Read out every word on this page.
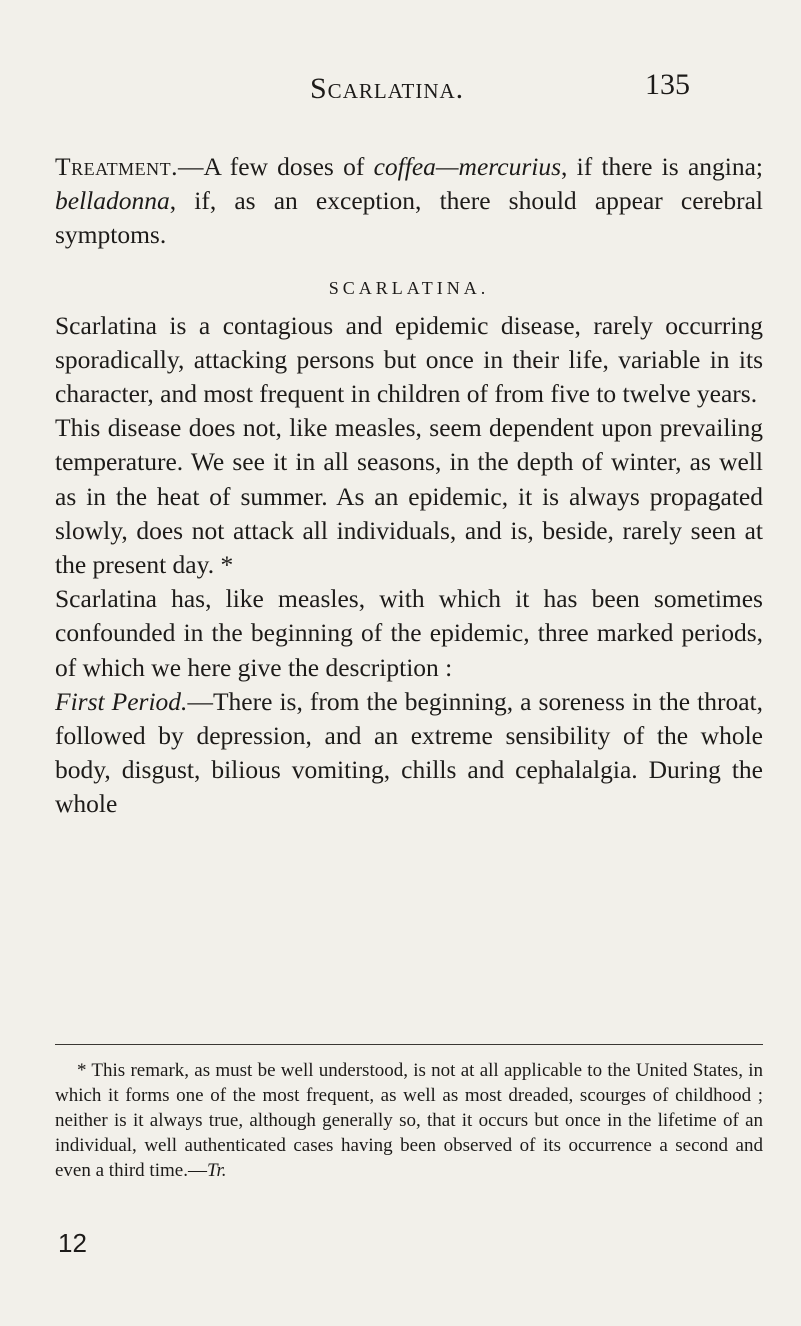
Scarlatina.	135

Treatment.—A few doses of coffea—mercurius, if there is angina; belladonna, if, as an exception, there should appear cerebral symptoms.

SCARLATINA.

Scarlatina is a contagious and epidemic disease, rarely occurring sporadically, attacking persons but once in their life, variable in its character, and most frequent in children of from five to twelve years.

This disease does not, like measles, seem dependent upon prevailing temperature. We see it in all seasons, in the depth of winter, as well as in the heat of summer. As an epidemic, it is always propagated slowly, does not attack all individuals, and is, beside, rarely seen at the present day. *

Scarlatina has, like measles, with which it has been sometimes confounded in the beginning of the epidemic, three marked periods, of which we here give the description :

First Period.—There is, from the beginning, a soreness in the throat, followed by depression, and an extreme sensibility of the whole body, disgust, bilious vomiting, chills and cephalalgia. During the whole

* This remark, as must be well understood, is not at all applicable to the United States, in which it forms one of the most frequent, as well as most dreaded, scourges of childhood ; neither is it always true, although generally so, that it occurs but once in the lifetime of an individual, well authenticated cases having been observed of its occurrence a second and even a third time.—Tr.

12
